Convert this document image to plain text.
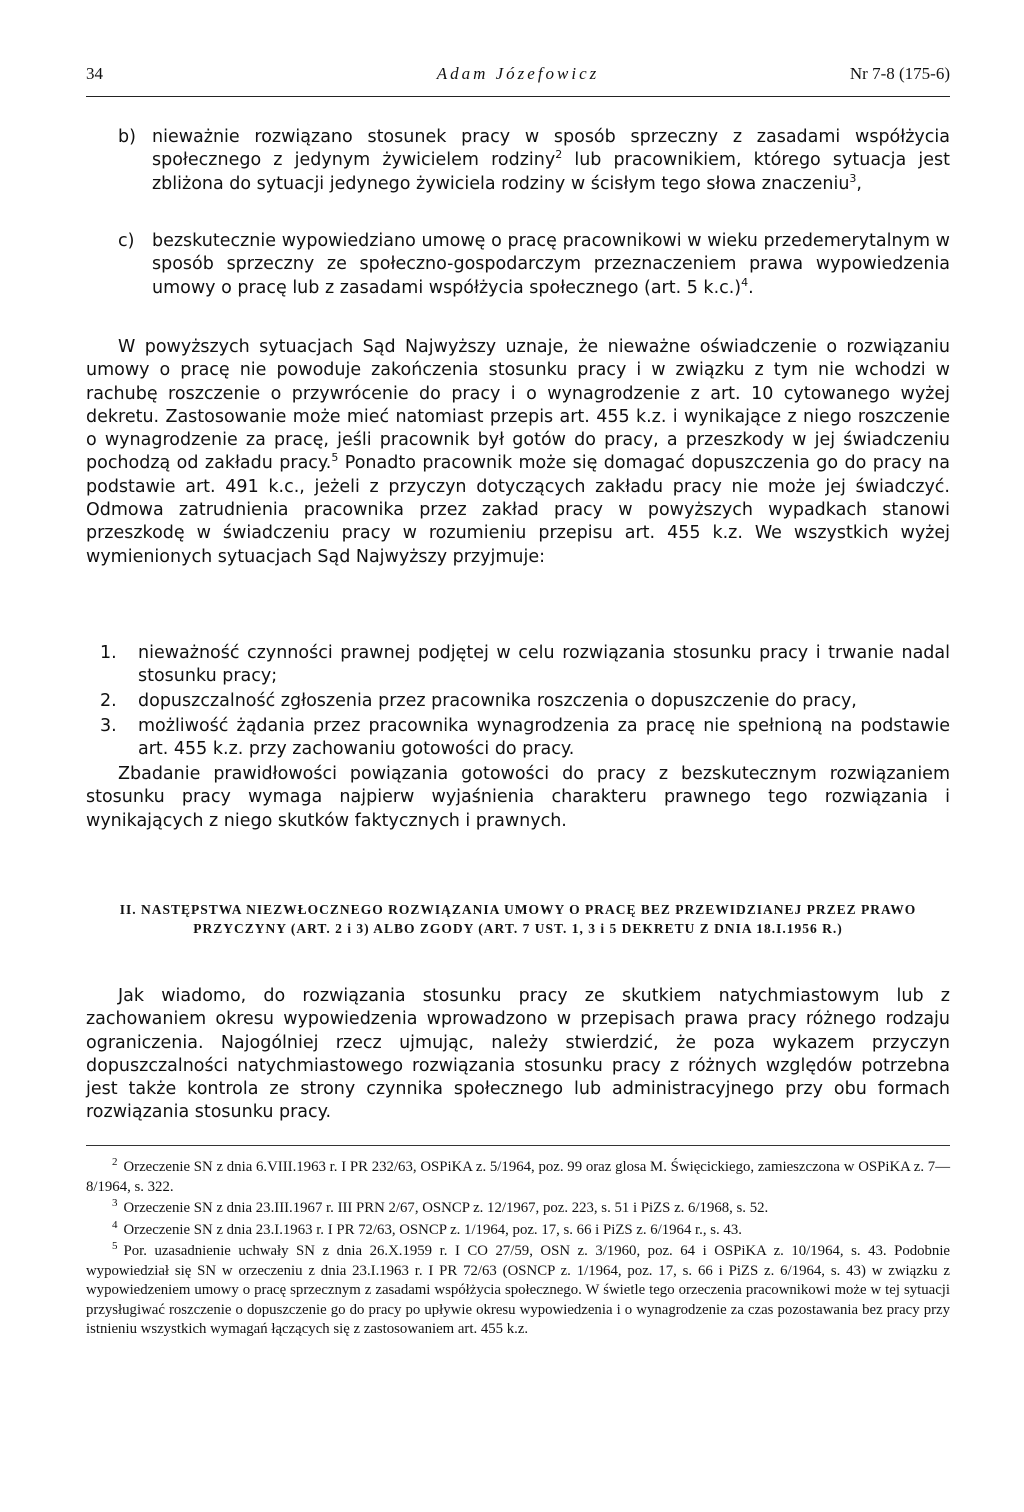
34	Adam Józefowicz	Nr 7-8 (175-6)
b) nieważnie rozwiązano stosunek pracy w sposób sprzeczny z zasadami współżycia społecznego z jedynym żywicielem rodziny$^2$ lub pracownikiem, którego sytuacja jest zbliżona do sytuacji jedynego żywiciela rodziny w ścisłym tego słowa znaczeniu$^3$,
c) bezskutecznie wypowiedziano umowę o pracę pracownikowi w wieku przedemerytalnym w sposób sprzeczny ze społeczno-gospodarczym przeznaczeniem prawa wypowiedzenia umowy o pracę lub z zasadami współżycia społecznego (art. 5 k.c.)$^4$.
W powyższych sytuacjach Sąd Najwyższy uznaje, że nieważne oświadczenie o rozwiązaniu umowy o pracę nie powoduje zakończenia stosunku pracy i w związku z tym nie wchodzi w rachubę roszczenie o przywrócenie do pracy i o wynagrodzenie z art. 10 cytowanego wyżej dekretu. Zastosowanie może mieć natomiast przepis art. 455 k.z. i wynikające z niego roszczenie o wynagrodzenie za pracę, jeśli pracownik był gotów do pracy, a przeszkody w jej świadczeniu pochodzą od zakładu pracy.$^5$ Ponadto pracownik może się domagać dopuszczenia go do pracy na podstawie art. 491 k.c., jeżeli z przyczyn dotyczących zakładu pracy nie może jej świadczyć. Odmowa zatrudnienia pracownika przez zakład pracy w powyższych wypadkach stanowi przeszkodę w świadczeniu pracy w rozumieniu przepisu art. 455 k.z. We wszystkich wyżej wymienionych sytuacjach Sąd Najwyższy przyjmuje:
1. nieważność czynności prawnej podjętej w celu rozwiązania stosunku pracy i trwanie nadal stosunku pracy;
2. dopuszczalność zgłoszenia przez pracownika roszczenia o dopuszczenie do pracy,
3. możliwość żądania przez pracownika wynagrodzenia za pracę nie spełnioną na podstawie art. 455 k.z. przy zachowaniu gotowości do pracy.
Zbadanie prawidłowości powiązania gotowości do pracy z bezskutecznym rozwiązaniem stosunku pracy wymaga najpierw wyjaśnienia charakteru prawnego tego rozwiązania i wynikających z niego skutków faktycznych i prawnych.
II. NASTĘPSTWA NIEZWŁOCZNEGO ROZWIĄZANIA UMOWY O PRACĘ BEZ PRZEWIDZIANEJ PRZEZ PRAWO PRZYCZYNY (ART. 2 i 3) ALBO ZGODY (ART. 7 UST. 1, 3 i 5 DEKRETU Z DNIA 18.I.1956 R.)
Jak wiadomo, do rozwiązania stosunku pracy ze skutkiem natychmiastowym lub z zachowaniem okresu wypowiedzenia wprowadzono w przepisach prawa pracy różnego rodzaju ograniczenia. Najogólniej rzecz ujmując, należy stwierdzić, że poza wykazem przyczyn dopuszczalności natychmiastowego rozwiązania stosunku pracy z różnych względów potrzebna jest także kontrola ze strony czynnika społecznego lub administracyjnego przy obu formach rozwiązania stosunku pracy.

$^2$ Orzeczenie SN z dnia 6.VIII.1963 r. I PR 232/63, OSPiKA z. 5/1964, poz. 99 oraz glosa M. Święcickiego, zamieszczona w OSPiKA z. 7—8/1964, s. 322.

$^3$ Orzeczenie SN z dnia 23.III.1967 r. III PRN 2/67, OSNCP z. 12/1967, poz. 223, s. 51 i PiZS z. 6/1968, s. 52.

$^4$ Orzeczenie SN z dnia 23.I.1963 r. I PR 72/63, OSNCP z. 1/1964, poz. 17, s. 66 i PiZS z. 6/1964 r., s. 43.

$^5$ Por. uzasadnienie uchwały SN z dnia 26.X.1959 r. I CO 27/59, OSN z. 3/1960, poz. 64 i OSPiKA z. 10/1964, s. 43. Podobnie wypowiedział się SN w orzeczeniu z dnia 23.I.1963 r. I PR 72/63 (OSNCP z. 1/1964, poz. 17, s. 66 i PiZS z. 6/1964, s. 43) w związku z wypowiedzeniem umowy o pracę sprzecznym z zasadami współżycia społecznego. W świetle tego orzeczenia pracownikowi może w tej sytuacji przysługiwać roszczenie o dopuszczenie go do pracy po upływie okresu wypowiedzenia i o wynagrodzenie za czas pozostawania bez pracy przy istnieniu wszystkich wymagań łączących się z zastosowaniem art. 455 k.z.
